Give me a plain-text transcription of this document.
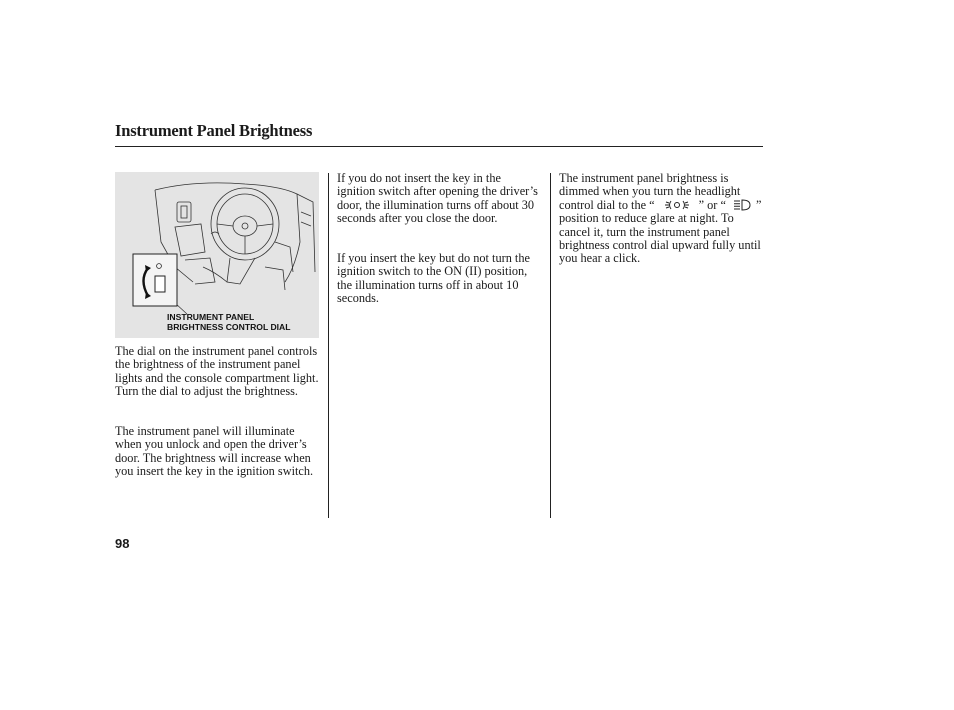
Instrument Panel Brightness
INSTRUMENT PANEL
BRIGHTNESS CONTROL DIAL

The dial on the instrument panel controls the brightness of the instrument panel lights and the console compartment light. Turn the dial to adjust the brightness.

The instrument panel will illuminate when you unlock and open the driver’s door. The brightness will increase when you insert the key in the ignition switch.

If you do not insert the key in the ignition switch after opening the driver’s door, the illumination turns off about 30 seconds after you close the door.

If you insert the key but do not turn the ignition switch to the ON (II) position, the illumination turns off in about 10 seconds.

The instrument panel brightness is dimmed when you turn the headlight control dial to the “	” or “ ” position to reduce glare at night. To cancel it, turn the instrument panel brightness control dial upward fully until you hear a click.

98
